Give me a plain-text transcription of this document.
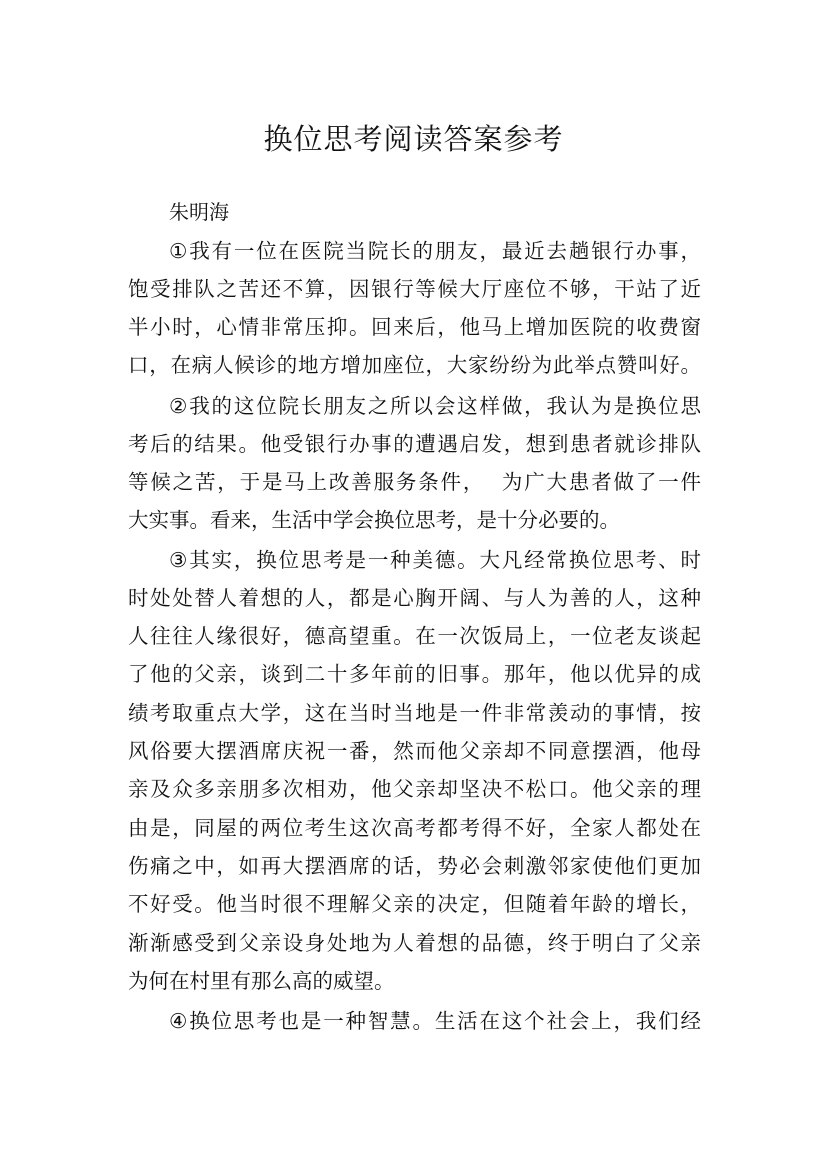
换位思考阅读答案参考
朱明海
①我有一位在医院当院长的朋友，最近去趟银行办事，
饱受排队之苦还不算，因银行等候大厅座位不够，干站了近
半小时，心情非常压抑。回来后，他马上增加医院的收费窗
口，在病人候诊的地方增加座位，大家纷纷为此举点赞叫好。
②我的这位院长朋友之所以会这样做，我认为是换位思
考后的结果。他受银行办事的遭遇启发，想到患者就诊排队
等候之苦，于是马上改善服务条件，  为广大患者做了一件
大实事。看来，生活中学会换位思考，是十分必要的。
③其实，换位思考是一种美德。大凡经常换位思考、时
时处处替人着想的人，都是心胸开阔、与人为善的人，这种
人往往人缘很好，德高望重。在一次饭局上，一位老友谈起
了他的父亲，谈到二十多年前的旧事。那年，他以优异的成
绩考取重点大学，这在当时当地是一件非常羡动的事情，按
风俗要大摆酒席庆祝一番，然而他父亲却不同意摆酒，他母
亲及众多亲朋多次相劝，他父亲却坚决不松口。他父亲的理
由是，同屋的两位考生这次高考都考得不好，全家人都处在
伤痛之中，如再大摆酒席的话，势必会刺激邻家使他们更加
不好受。他当时很不理解父亲的决定，但随着年龄的增长，
渐渐感受到父亲设身处地为人着想的品德，终于明白了父亲
为何在村里有那么高的威望。
④换位思考也是一种智慧。生活在这个社会上，我们经
